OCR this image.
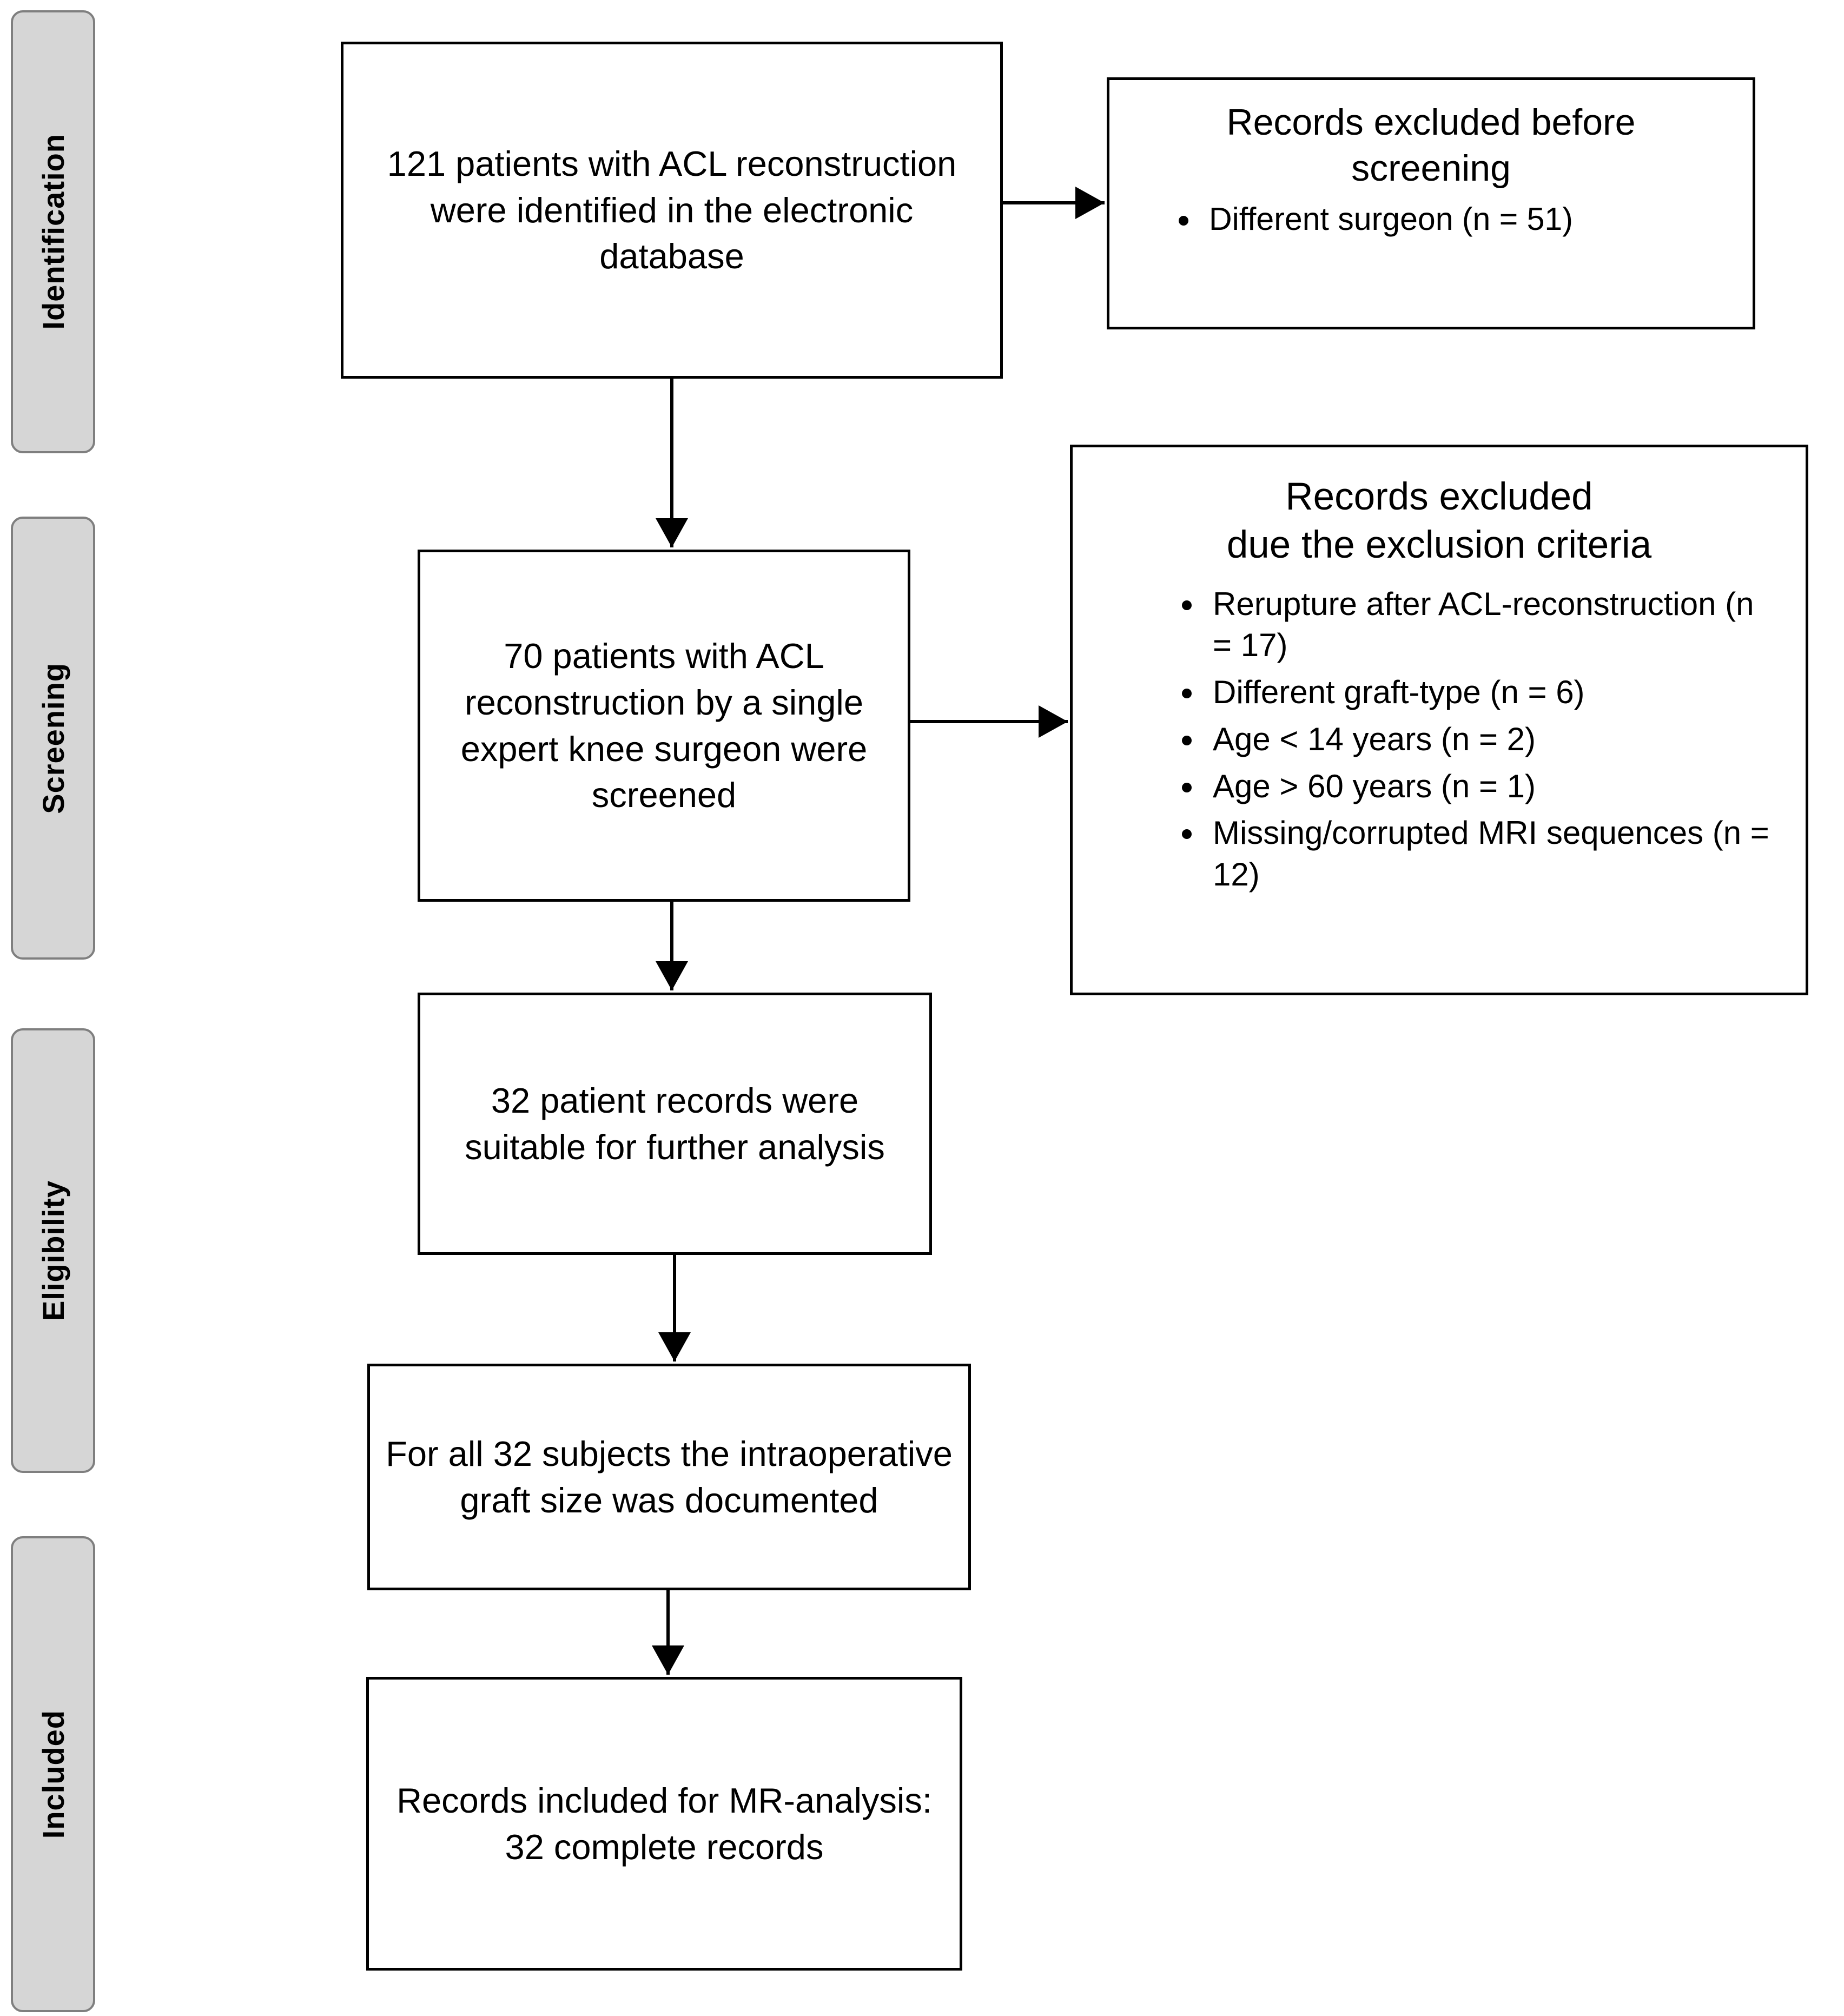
Identification
Screening
Eligibility
Included
121 patients with ACL reconstruction were identified in the electronic database
70 patients with ACL reconstruction by a single expert knee surgeon were screened
32 patient records were suitable for further analysis
For all 32 subjects the intraoperative graft size was documented
Records included for MR-analysis:
32 complete records
Records excluded before screening
• Different surgeon (n = 51)
Records excluded
due the exclusion criteria
• Rerupture after ACL-reconstruction (n = 17)
• Different graft-type (n = 6)
• Age < 14 years (n = 2)
• Age > 60 years (n = 1)
• Missing/corrupted MRI sequences (n = 12)
